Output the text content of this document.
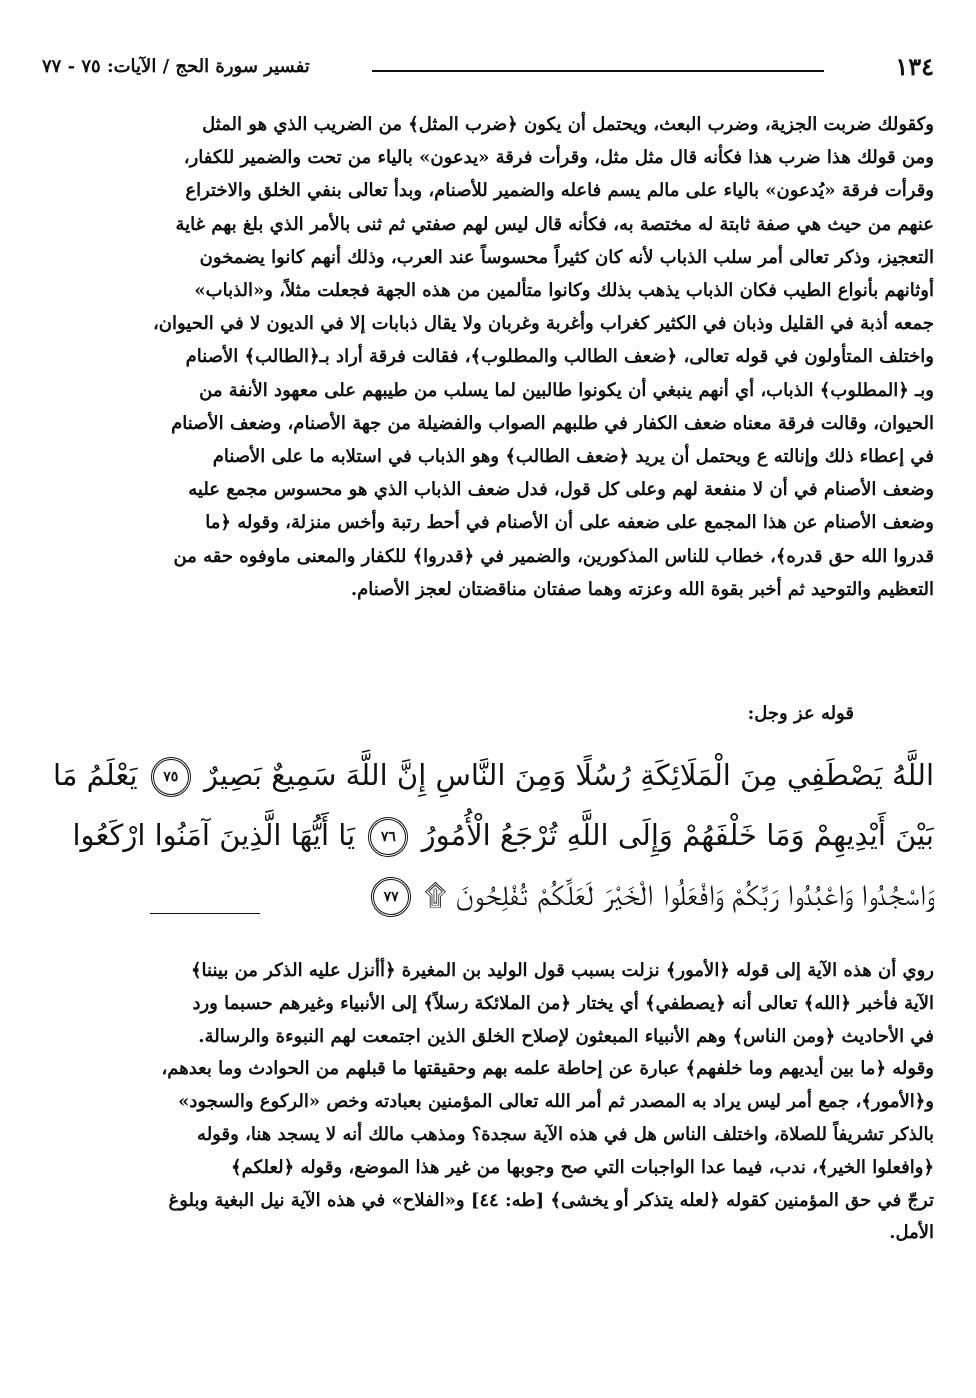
١٣٤
تفسير سورة الحج / الآيات: ٧٥ - ٧٧

وكقولك ضربت الجزية، وضرب البعث، ويحتمل أن يكون ﴿ضرب المثل﴾ من الضريب الذي هو المثل

ومن قولك هذا ضرب هذا فكأنه قال مثل مثل، وقرأت فرقة «يدعون» بالياء من تحت والضمير للكفار،

وقرأت فرقة «يُدعون» بالياء على مالم يسم فاعله والضمير للأصنام، وبدأ تعالى بنفي الخلق والاختراع

عنهم من حيث هي صفة ثابتة له مختصة به، فكأنه قال ليس لهم صفتي ثم ثنى بالأمر الذي بلغ بهم غاية

التعجيز، وذكر تعالى أمر سلب الذباب لأنه كان كثيراً محسوساً عند العرب، وذلك أنهم كانوا يضمخون

أوثانهم بأنواع الطيب فكان الذباب يذهب بذلك وكانوا متألمين من هذه الجهة فجعلت مثلاً، و«الذباب»

جمعه أذبة في القليل وذبان في الكثير كغراب وأغربة وغربان ولا يقال ذبابات إلا في الديون لا في الحيوان،

واختلف المتأولون في قوله تعالى، ﴿ضعف الطالب والمطلوب﴾، فقالت فرقة أراد بـ﴿الطالب﴾ الأصنام

وبـ ﴿المطلوب﴾ الذباب، أي أنهم ينبغي أن يكونوا طالبين لما يسلب من طيبهم على معهود الأنفة من

الحيوان، وقالت فرقة معناه ضعف الكفار في طلبهم الصواب والفضيلة من جهة الأصنام، وضعف الأصنام

في إعطاء ذلك وإنالته ع ويحتمل أن يريد ﴿ضعف الطالب﴾ وهو الذباب في استلابه ما على الأصنام

وضعف الأصنام في أن لا منفعة لهم وعلى كل قول، فدل ضعف الذباب الذي هو محسوس مجمع عليه

وضعف الأصنام عن هذا المجمع على ضعفه على أن الأصنام في أحط رتبة وأخس منزلة، وقوله ﴿ما

قدروا الله حق قدره﴾، خطاب للناس المذكورين، والضمير في ﴿قدروا﴾ للكفار والمعنى ماوفوه حقه من

التعظيم والتوحيد ثم أخبر بقوة الله وعزته وهما صفتان مناقضتان لعجز الأصنام.

قوله عز وجل:

اللَّهُ يَصْطَفِي مِنَ الْمَلَائِكَةِ رُسُلًا وَمِنَ النَّاسِ إِنَّ اللَّهَ سَمِيعٌ بَصِيرٌ ٧٥ يَعْلَمُ مَا

بَيْنَ أَيْدِيهِمْ وَمَا خَلْفَهُمْ وَإِلَى اللَّهِ تُرْجَعُ الْأُمُورُ ٧٦ يَا أَيُّهَا الَّذِينَ آمَنُوا ارْكَعُوا

وَاسْجُدُوا وَاعْبُدُوا رَبَّكُمْ وَافْعَلُوا الْخَيْرَ لَعَلَّكُمْ تُفْلِحُونَ ۩ ٧٧

روي أن هذه الآية إلى قوله ﴿الأمور﴾ نزلت بسبب قول الوليد بن المغيرة ﴿أأنزل عليه الذكر من بيننا﴾

الآية فأخبر ﴿الله﴾ تعالى أنه ﴿يصطفي﴾ أي يختار ﴿من الملائكة رسلاً﴾ إلى الأنبياء وغيرهم حسبما ورد

في الأحاديث ﴿ومن الناس﴾ وهم الأنبياء المبعثون لإصلاح الخلق الذين اجتمعت لهم النبوءة والرسالة.

وقوله ﴿ما بين أيديهم وما خلفهم﴾ عبارة عن إحاطة علمه بهم وحقيقتها ما قبلهم من الحوادث وما بعدهم،

و﴿الأمور﴾، جمع أمر ليس يراد به المصدر ثم أمر الله تعالى المؤمنين بعبادته وخص «الركوع والسجود»

بالذكر تشريفاً للصلاة، واختلف الناس هل في هذه الآية سجدة؟ ومذهب مالك أنه لا يسجد هنا، وقوله

﴿وافعلوا الخير﴾، ندب، فيما عدا الواجبات التي صح وجوبها من غير هذا الموضع، وقوله ﴿لعلكم﴾

ترجّ في حق المؤمنين كقوله ﴿لعله يتذكر أو يخشى﴾ [طه: ٤٤] و«الفلاح» في هذه الآية نيل البغية وبلوغ

الأمل.
